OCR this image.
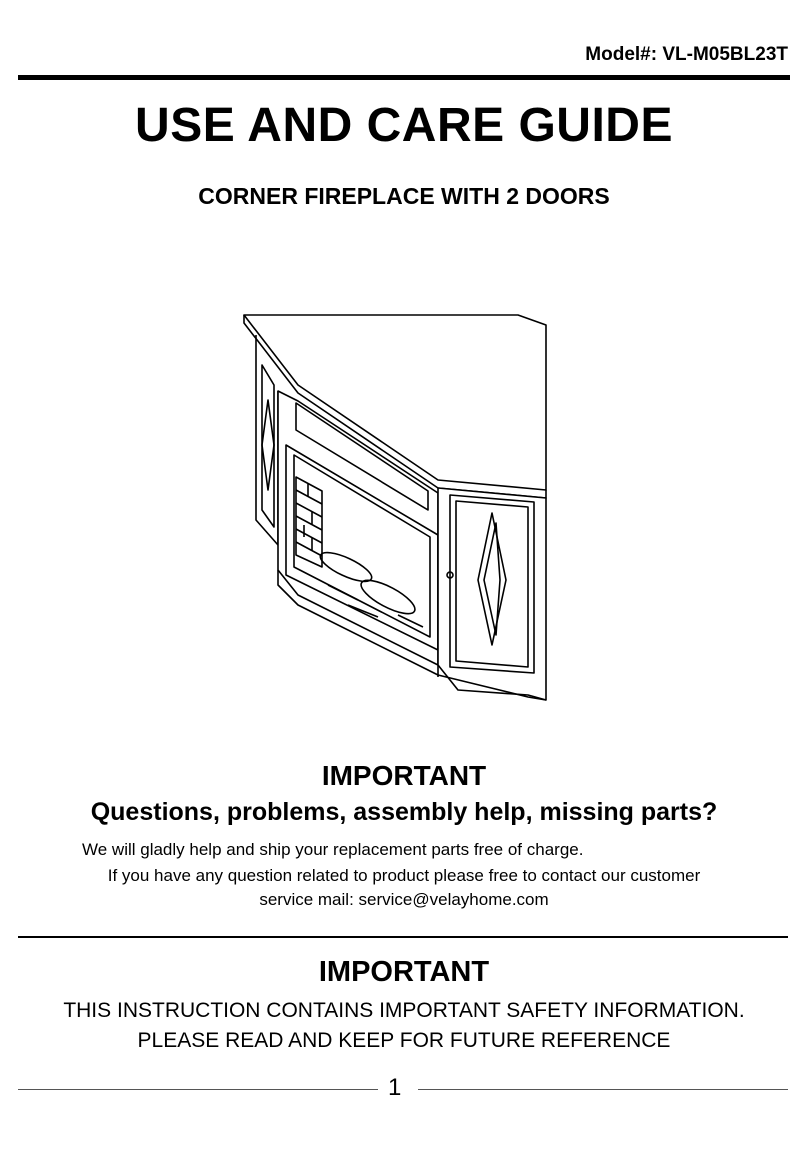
Model#: VL-M05BL23T
USE AND CARE GUIDE
CORNER FIREPLACE WITH 2 DOORS
IMPORTANT
Questions, problems, assembly help, missing parts?
We will gladly help and ship your replacement parts free of charge.
If you have any question related to product please free to contact our customer
service mail: service@velayhome.com
IMPORTANT
THIS INSTRUCTION CONTAINS IMPORTANT SAFETY INFORMATION.
PLEASE READ AND KEEP FOR FUTURE REFERENCE
1
